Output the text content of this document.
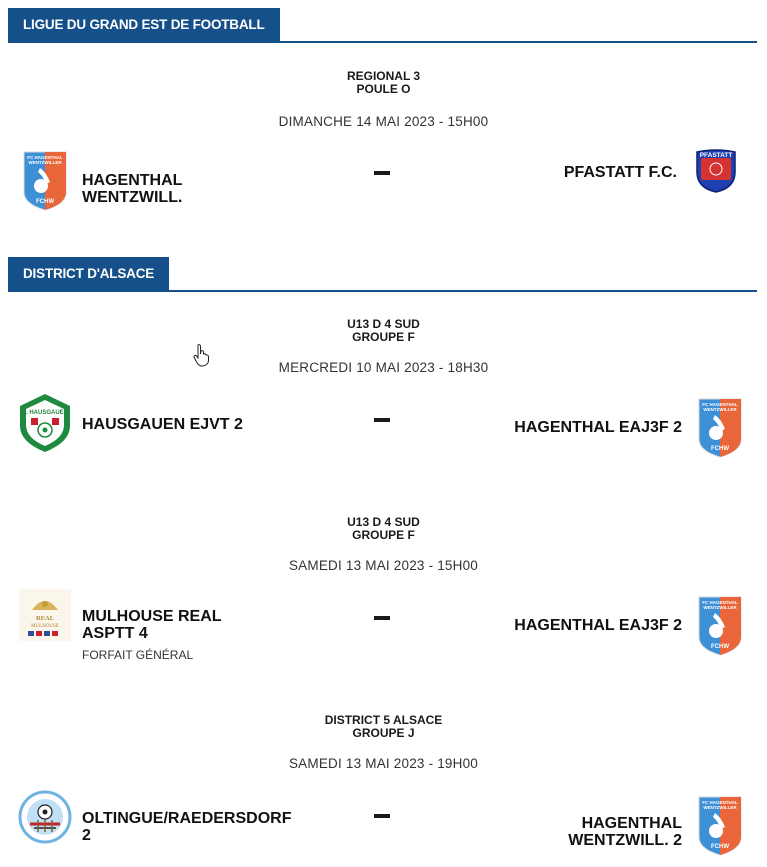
LIGUE DU GRAND EST DE FOOTBALL
REGIONAL 3
POULE O
DIMANCHE 14 MAI 2023 - 15H00
FC HAGENTHAL
WENTZWILLER
FCHW
HAGENTHAL
WENTZWILL.
PFASTATT F.C.
PFASTATT
DISTRICT D'ALSACE
U13 D 4 SUD
GROUPE F
MERCREDI 10 MAI 2023 - 18H30
S. HAUSGAUEN
HAUSGAUEN EJVT 2	HAGENTHAL EAJ3F 2
FC HAGENTHAL
WENTZWILLER
FCHW
U13 D 4 SUD
GROUPE F
SAMEDI 13 MAI 2023 - 15H00
REAL
MULHOUSE
MULHOUSE REAL
ASPTT 4
FORFAIT GÉNÉRAL
HAGENTHAL EAJ3F 2
FC HAGENTHAL
WENTZWILLER
FCHW
DISTRICT 5 ALSACE
GROUPE J
SAMEDI 13 MAI 2023 - 19H00
OLTINGUE/RAEDERSDORF
2
HAGENTHAL
WENTZWILL. 2
FC HAGENTHAL
WENTZWILLER
FCHW
